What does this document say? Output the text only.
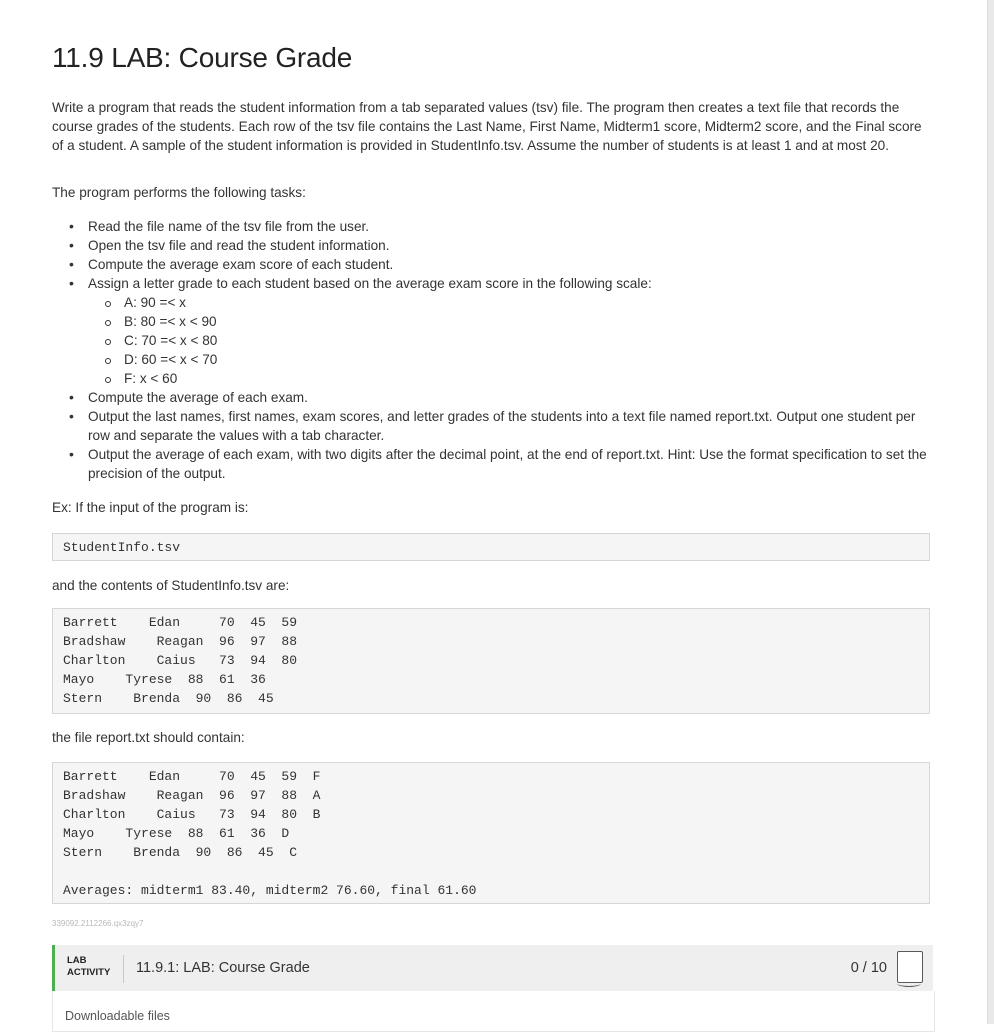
11.9 LAB: Course Grade

Write a program that reads the student information from a tab separated values (tsv) file. The program then creates a text file that records the course grades of the students. Each row of the tsv file contains the Last Name, First Name, Midterm1 score, Midterm2 score, and the Final score of a student. A sample of the student information is provided in StudentInfo.tsv. Assume the number of students is at least 1 and at most 20.

The program performs the following tasks:

• Read the file name of the tsv file from the user.
• Open the tsv file and read the student information.
• Compute the average exam score of each student.
• Assign a letter grade to each student based on the average exam score in the following scale:
A: 90 =< x
B: 80 =< x < 90
C: 70 =< x < 80
D: 60 =< x < 70
F: x < 60
• Compute the average of each exam.
• Output the last names, first names, exam scores, and letter grades of the students into a text file named report.txt. Output one student per row and separate the values with a tab character.
• Output the average of each exam, with two digits after the decimal point, at the end of report.txt. Hint: Use the format specification to set the precision of the output.

Ex: If the input of the program is:

StudentInfo.tsv

and the contents of StudentInfo.tsv are:

Barrett    Edan     70  45  59
Bradshaw    Reagan  96  97  88
Charlton    Caius   73  94  80
Mayo    Tyrese  88  61  36
Stern    Brenda  90  86  45

the file report.txt should contain:

Barrett    Edan     70  45  59  F
Bradshaw    Reagan  96  97  88  A
Charlton    Caius   73  94  80  B
Mayo    Tyrese  88  61  36  D
Stern    Brenda  90  86  45  C
Averages: midterm1 83.40, midterm2 76.60, final 61.60
339092.2112266.qx3zqy7
LAB
ACTIVITY 11.9.1: LAB: Course Grade	0 / 10
Downloadable files
